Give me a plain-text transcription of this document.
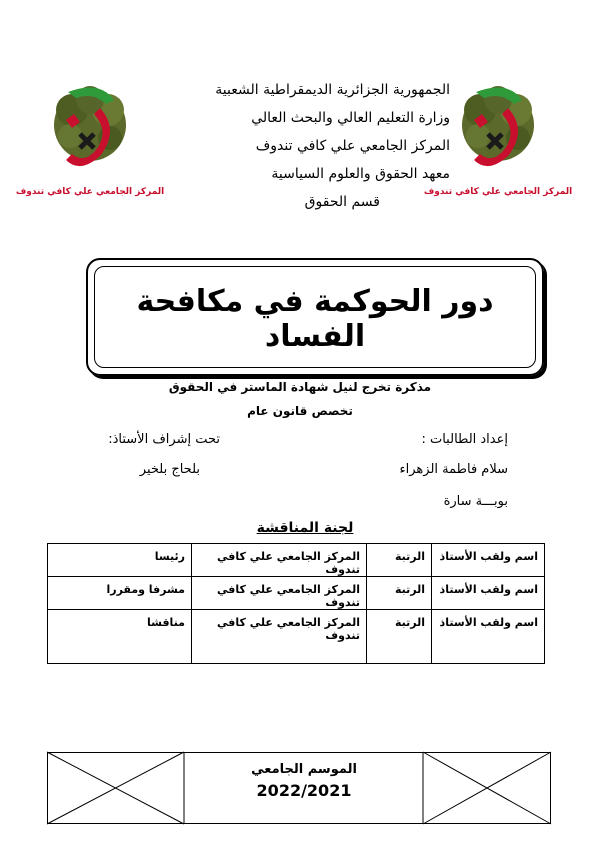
المركز الجامعي علي كافي تندوف	المركز الجامعي علي كافي تندوف
الجمهورية الجزائرية الديمقراطية الشعبية
وزارة التعليم العالي والبحث العالي
المركز الجامعي علي كافي تندوف
معهد الحقوق والعلوم السياسية
قسم الحقوق
دور الحوكمة في مكافحة الفساد
مذكرة تخرج لنيل شهادة الماستر في الحقوق
تخصص قانون عام
إعداد الطالبات :
سلام فاطمة الزهراء
بوبـــة سارة
تحت إشراف الأستاذ:
بلحاج بلخير
لجنة المناقشة
اسم ولقب الأستاذ	الرتبة	المركز الجامعي علي كافي تندوف	رئيسا
اسم ولقب الأستاذ	الرتبة	المركز الجامعي علي كافي تندوف	مشرفا ومقررا
اسم ولقب الأستاذ	الرتبة	المركز الجامعي علي كافي تندوف	مناقشا
الموسم الجامعي
2022/2021
